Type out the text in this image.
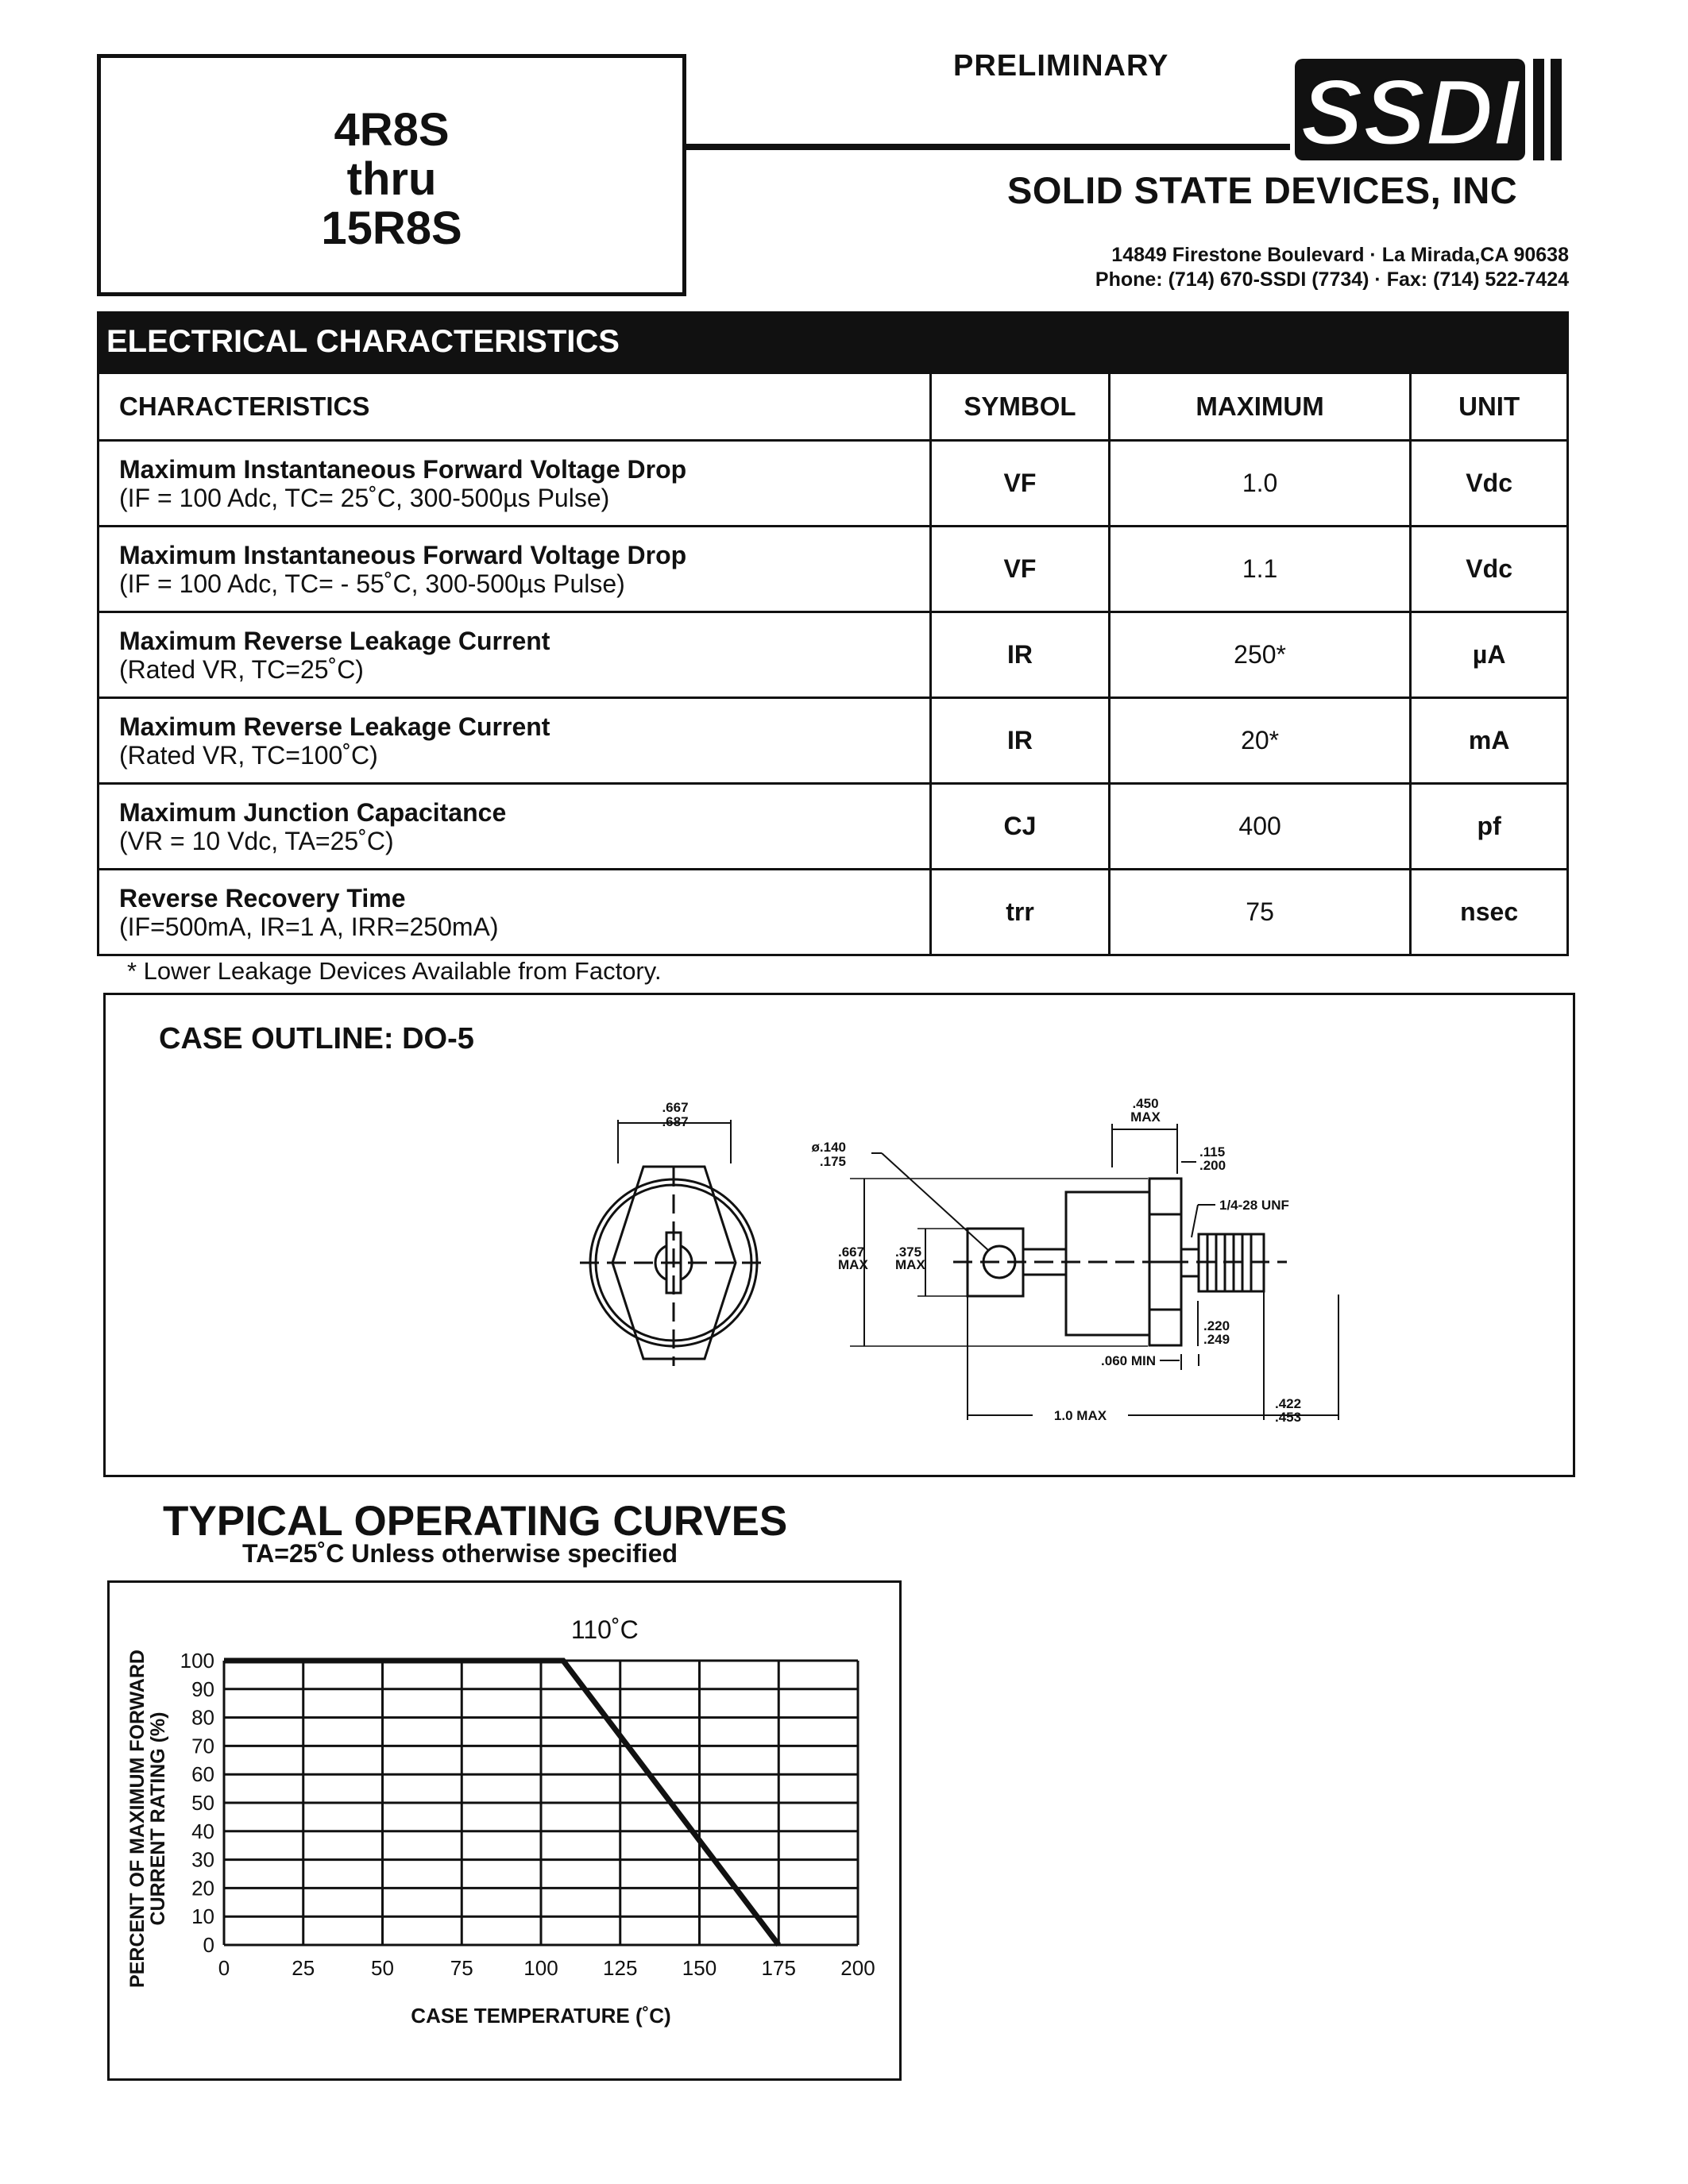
4R8S
thru
15R8S
PRELIMINARY SSDI
SOLID STATE DEVICES, INC
14849 Firestone Boulevard · La Mirada,CA 90638
Phone: (714) 670-SSDI (7734) · Fax: (714) 522-7424
ELECTRICAL CHARACTERISTICS
CHARACTERISTICS	SYMBOL	MAXIMUM	UNIT

Maximum Instantaneous Forward Voltage Drop
(IF = 100 Adc, TC= 25˚C, 300-500µs Pulse)	VF	1.0	Vdc

Maximum Instantaneous Forward Voltage Drop
(IF = 100 Adc, TC= - 55˚C, 300-500µs Pulse)	VF	1.1	Vdc

Maximum Reverse Leakage Current
(Rated VR, TC=25˚C)	IR	250*	µA

Maximum Reverse Leakage Current
(Rated VR, TC=100˚C)	IR	20*	mA

Maximum Junction Capacitance
(VR = 10 Vdc, TA=25˚C)	CJ	400	pf

Reverse Recovery Time
(IF=500mA, IR=1 A, IRR=250mA)	trr	75	nsec
* Lower Leakage Devices Available from Factory.
CASE OUTLINE: DO-5
.667
.687
ø.140
.175
.667
MAX
.375
MAX
.450
MAX
.115
.200
1/4-28 UNF
.220
.249
.060 MIN
1.0 MAX
.422
.453
TYPICAL OPERATING CURVES
TA=25˚C Unless otherwise specified
0
10
20
30
40
50
60
70
80
90
100
0	25	50	75 100 125 150 175 200
110˚C
CASE TEMPERATURE (˚C)
PERCENT OF MAXIMUM FORWARD
CURRENT RATING (%)
